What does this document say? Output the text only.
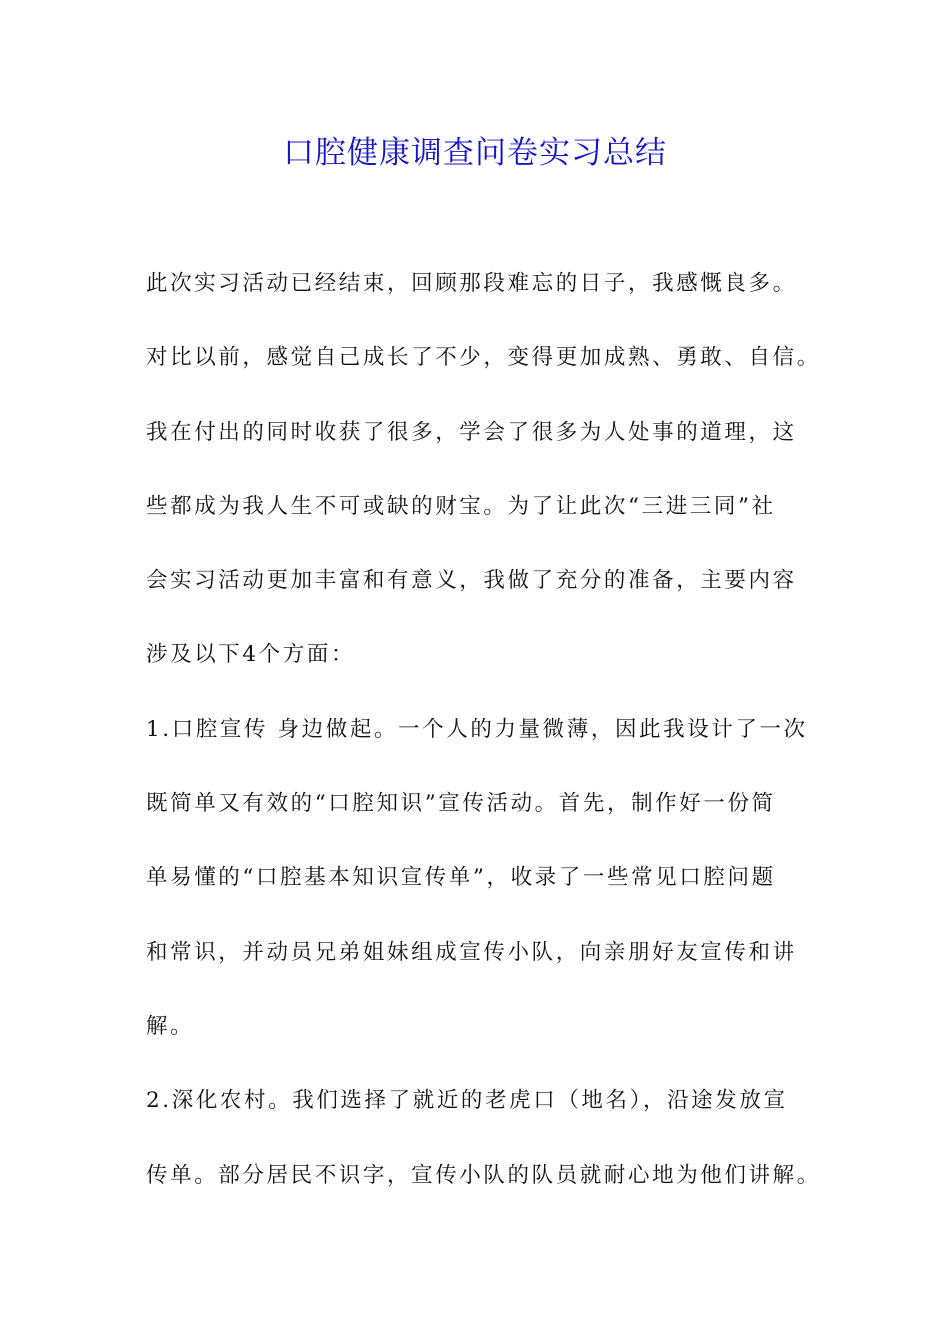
口腔健康调查问卷实习总结
此次实习活动已经结束，回顾那段难忘的日子，我感慨良多。
对比以前，感觉自己成长了不少，变得更加成熟、勇敢、自信。
我在付出的同时收获了很多，学会了很多为人处事的道理，这
些都成为我人生不可或缺的财宝。为了让此次“三进三同”社
会实习活动更加丰富和有意义，我做了充分的准备，主要内容
涉及以下4个方面：
1.口腔宣传 身边做起。一个人的力量微薄，因此我设计了一次
既简单又有效的“口腔知识”宣传活动。首先，制作好一份简
单易懂的“口腔基本知识宣传单”，收录了一些常见口腔问题
和常识，并动员兄弟姐妹组成宣传小队，向亲朋好友宣传和讲
解。
2.深化农村。我们选择了就近的老虎口（地名），沿途发放宣
传单。部分居民不识字，宣传小队的队员就耐心地为他们讲解。
